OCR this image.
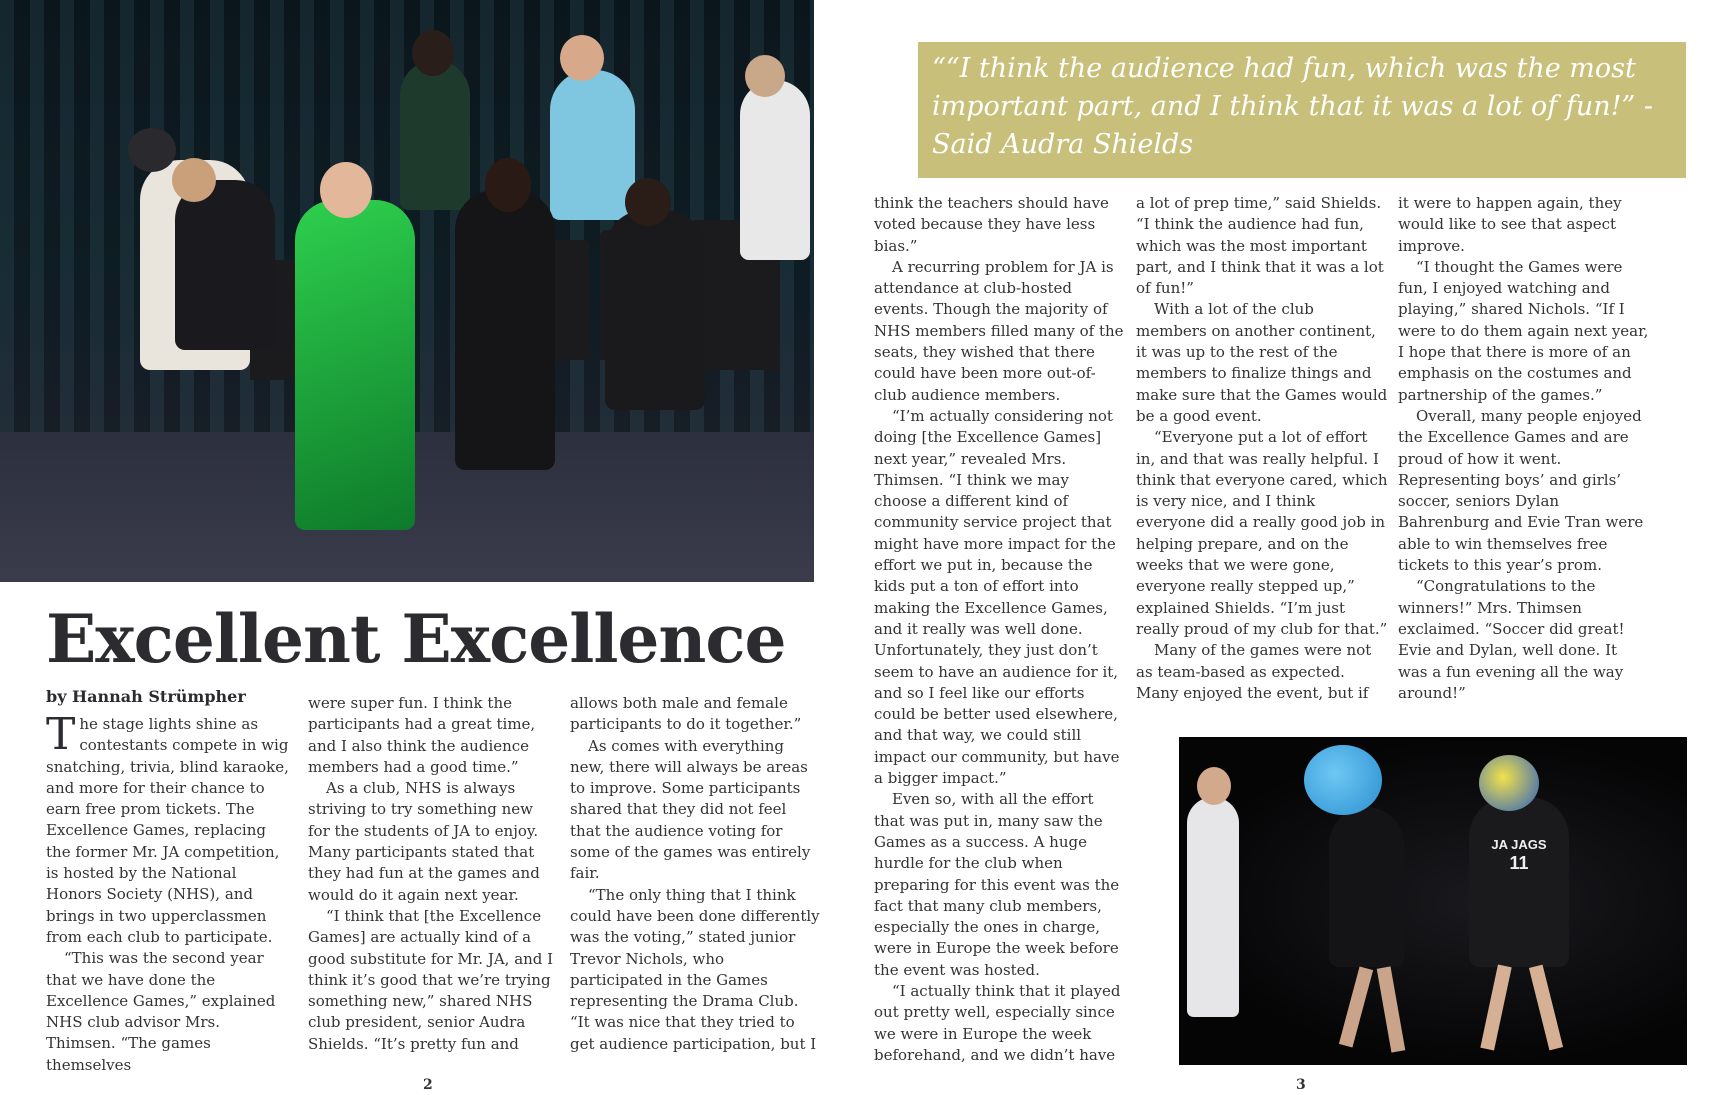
Excellent Excellence
by Hannah Strümpher

The stage lights shine as contestants compete in wig snatching, trivia, blind karaoke, and more for their chance to earn free prom tickets. The Excellence Games, replacing the former Mr. JA competition, is hosted by the National Honors Society (NHS), and brings in two upperclassmen from each club to participate.

“This was the second year that we have done the Excellence Games,” explained NHS club advisor Mrs. Thimsen. “The games themselves

were super fun. I think the participants had a great time, and I also think the audience members had a good time.”

As a club, NHS is always striving to try something new for the students of JA to enjoy. Many participants stated that they had fun at the games and would do it again next year.

“I think that [the Excellence Games] are actually kind of a good substitute for Mr. JA, and I think it’s good that we’re trying something new,” shared NHS club president, senior Audra Shields. “It’s pretty fun and

allows both male and female participants to do it together.”

As comes with everything new, there will always be areas to improve. Some participants shared that they did not feel that the audience voting for some of the games was entirely fair.

“The only thing that I think could have been done differently was the voting,” stated junior Trevor Nichols, who participated in the Games representing the Drama Club. “It was nice that they tried to get audience participation, but I

2

““I think the audience had fun, which was the most important part, and I think that it was a lot of fun!” - Said Audra Shields

think the teachers should have voted because they have less bias.”

A recurring problem for JA is attendance at club-hosted events. Though the majority of NHS members filled many of the seats, they wished that there could have been more out-of-club audience members.

“I’m actually considering not doing [the Excellence Games] next year,” revealed Mrs. Thimsen. “I think we may choose a different kind of community service project that might have more impact for the effort we put in, because the kids put a ton of effort into making the Excellence Games, and it really was well done. Unfortunately, they just don’t seem to have an audience for it, and so I feel like our efforts could be better used elsewhere, and that way, we could still impact our community, but have a bigger impact.”

Even so, with all the effort that was put in, many saw the Games as a success. A huge hurdle for the club when preparing for this event was the fact that many club members, especially the ones in charge, were in Europe the week before the event was hosted.

“I actually think that it played out pretty well, especially since we were in Europe the week beforehand, and we didn’t have

a lot of prep time,” said Shields. “I think the audience had fun, which was the most important part, and I think that it was a lot of fun!”

With a lot of the club members on another continent, it was up to the rest of the members to finalize things and make sure that the Games would be a good event.

“Everyone put a lot of effort in, and that was really helpful. I think that everyone cared, which is very nice, and I think everyone did a really good job in helping prepare, and on the weeks that we were gone, everyone really stepped up,” explained Shields. “I’m just really proud of my club for that.”

Many of the games were not as team-based as expected. Many enjoyed the event, but if

it were to happen again, they would like to see that aspect improve.

“I thought the Games were fun, I enjoyed watching and playing,” shared Nichols. “If I were to do them again next year, I hope that there is more of an emphasis on the costumes and partnership of the games.”

Overall, many people enjoyed the Excellence Games and are proud of how it went. Representing boys’ and girls’ soccer, seniors Dylan Bahrenburg and Evie Tran were able to win themselves free tickets to this year’s prom.

“Congratulations to the winners!” Mrs. Thimsen exclaimed. “Soccer did great! Evie and Dylan, well done. It was a fun evening all the way around!”

JA JAGS
11
3
